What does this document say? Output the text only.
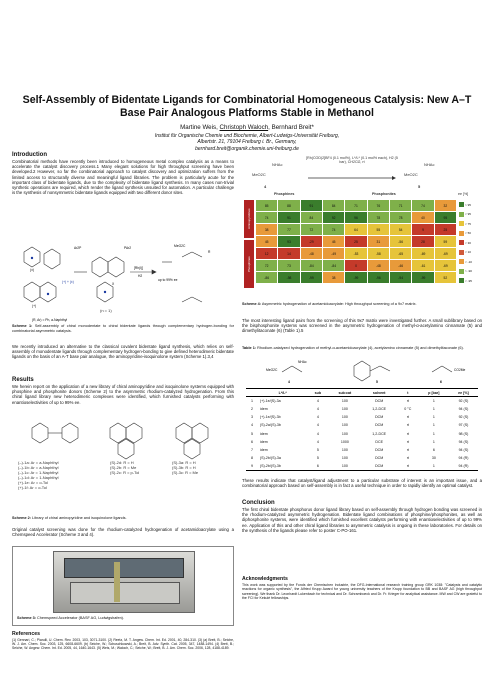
Self-Assembly of Bidentate Ligands for Combinatorial Homogeneous Catalysis: New A–T Base Pair Analogous Platforms Stable in Methanol
Martine Weis, Christoph Waloch, Bernhard Breit*
Institut für Organische Chemie und Biochemie, Albert-Ludwigs-Universität Freiburg,
Albertstr. 21, 79104 Freiburg i. Br., Germany,
bernhard.breit@organik.chemie.uni-freiburg.de
Introduction
Combinatorial methods have recently been introduced to homogeneous metal complex catalysis as a means to accelerate the catalyst discovery process.1 Many elegant solutions for high throughput screening have been developed.2 However, so far the combinatorial approach to catalyst discovery and optimization suffers from the limited access to structurally diverse and meaningful ligand libraries. The problem is particularly acute for the important class of bidentate ligands, due to the complexity of bidentate ligand synthesis. In many cases non-trivial synthetic operations are required, which render the ligand synthesis unsuited for automation. A particular challenge is the synthesis of nonsymmetric bidentate ligands equipped with two different donor sites.
(n = 1)
(±)
(+)
(+) + (±)
Ar2P
X
PAr2
[Rh(I)]
up to 99% ee
MeO2C
R
H2
(R, Ar) = Ph, a-Naphthyl
Scheme 1: Self-assembly of chiral monodentate to chiral bidentate ligands through complementary hydrogen-bonding for combinatorial asymmetric catalysis.
We recently introduced an alternative to the classical covalent bidentate ligand synthesis, which relies on self-assembly of monodentate ligands through complementary hydrogen-bonding to give defined heterodimeric bidentate ligands on the basis of an A-T base pair analogue, the aminopyridine-isoquinolone system (Scheme 1).3,4
Results
We herein report on the application of a new library of chiral aminopyridine and isoquinolone systems equipped with phosphine and phosphonite donors (Scheme 2) to the asymmetric rhodium-catalyzed hydrogenation. From this chiral ligand library new heterodimeric complexes were identified, which furnished catalysts performing with enantioselectivities of up to 99% ee.
(–)-1a: Ar = a-Naphthyl
(–)-1b: Ar = a-Naphthyl
(–)-1c: Ar = 1-Naphthyl
(–)-1d: Ar = 1-Naphthyl
(+)-1e: Ar = o-Tol
(+)-1f: Ar = o-Tol
(S)-2d: R = H
(S)-2b: R = Me
(S)-2c: R = p-Tol
(S)-3a: R = H
(S)-3b: R = H
(S)-3c: R = Me
Scheme 2: Library of chiral aminopyridine and isoquinolone ligands.
Original catalyst screening was done for the rhodium-catalyzed hydrogenation of acetamidoacrylate using a Chemspeed Accelerator (Scheme 3 and 4).
Scheme 3: Chemspeed Accelerator (BASF AG, Ludwigshafen).
References
(1) Gennari, C.; Piarulli, U. Chem. Rev. 2003, 103, 3071-3100. (2) Reetz, M. T. Angew. Chem. Int. Ed. 2001, 40, 284-310. (3) (a) Breit, B.; Seiche, W. J. Am. Chem. Soc. 2003, 125, 6608-6609. (b) Seiche, W.; Schuschkowski, A.; Breit, B. Adv. Synth. Cat. 2005, 347, 1488-1494. (4) Breit, B.; Seiche, W. Angew. Chem. Int. Ed. 2005, 44, 1640-1643. (5) Weis, M.; Waloch, C.; Seiche, W.; Breit, B. J. Am. Chem. Soc. 2006, 128, 4188-4189.
MeO2C
NHAc
4
[Rh(COD)2]BF4 (0.1 mol%), L*/L* (0.1 mol% each), H2 (5 bar), CH2Cl2, rt
MeO2C
NHAc
5
Phosphines	Phosphonites	ee [%]
Aminopyridines
Phosphines
85	88	91	84	71	76	71	74	32
74	91	84	92	96	78	78	40	95
38	77	72	74	64	55	54	9	25
45	93	-29	45	25	31	-56	28	59
12	14	-48	-49	-53	-58	-65	-69	-69
72	73	-84	-84	0	-48	-46	-61	-69
-86	-98	-99	38	-99	-96	-94	-99	52
> 95
< 95
< 75
< 50
< 30
< 10
< -10
> -90
< -95
Scheme 4: Asymmetric hydrogenation of acetamidoacrylate: High throughput screening of a 9x7 matrix.
The most interesting ligand pairs from the screening of this 9x7 matrix were investigated further. A small sublibrary based on the bisphosphonite systems was screened in the asymmetric hydrogenation of methyl-α-acetylamino cinnamate (5) and dimethylitaconate (6) (Table 1).5
Table 1: Rhodium-catalyzed hydrogenation of methyl-α-acetamidoacrylate (4), acetylamino cinnamate (5) and dimethylitaconate (6).
MeO2C
NHAc
4	5	6
CO2Me
	L*/L*	sub	sub:cat	solvent	t	p [bar]	ee [%]
1	(+)-1e/(S)-3a	4	100	DCM	rt	1	92 (S)
2	idem	4	100	1,2-DCE	0 °C	1	94 (S)
3	(+)-1e/(S)-3b	4	100	DCM	rt	1	92 (S)
4	(S)-2a/(S)-3b	4	100	DCM	rt	1	97 (S)
5	idem	4	100	1,2-DCE	rt	1	98 (S)
6	idem	4	1000	DCE	rt	1	94 (S)
7	idem	5	100	DCM	rt	6	94 (S)
8	(S)-2b/(S)-3a	5	100	DCM	rt	30	94 (R)
9	(S)-2b/(S)-3b	6	100	DCM	rt	1	94 (R)
These results indicate that catalyst/ligand adjustment to a particular substrate of interest is an important issue, and a combinatorial approach based on self-assembly is in fact a useful technique in order to rapidly identify an optimal catalyst.
Conclusion
The first chiral bidentate phosphorus donor ligand library based on self-assembly through hydrogen bonding was screened in the rhodium-catalyzed asymmetric hydrogenation. Bidentate ligand combinations of phosphine/phosphonites, as well as diphosphonite systems, were identified which furnished excellent catalysts performing with enantioselectivities of up to 99% ee. Application of this and other chiral ligand libraries to asymmetric catalysis is ongoing in these laboratories. For details on the synthesis of the ligands please refer to poster C-PO-161.
Acknowledgments
This work was supported by the Fonds der Chemischen Industrie, the DFG-International research training group GRK 1038: "Catalysts and catalytic reactions for organic synthesis", the Alfried Krupp Award for young university teachers of the Krupp foundation to BB and BASF AG (high throughput screening). We thank Dr. Leonhardt Lukenbach for technical and Dr. Schramboeck and Dr. Fr. Krieger for analytical assistance. MW and CW are grateful to the FCI for Kekulé fellowships.
